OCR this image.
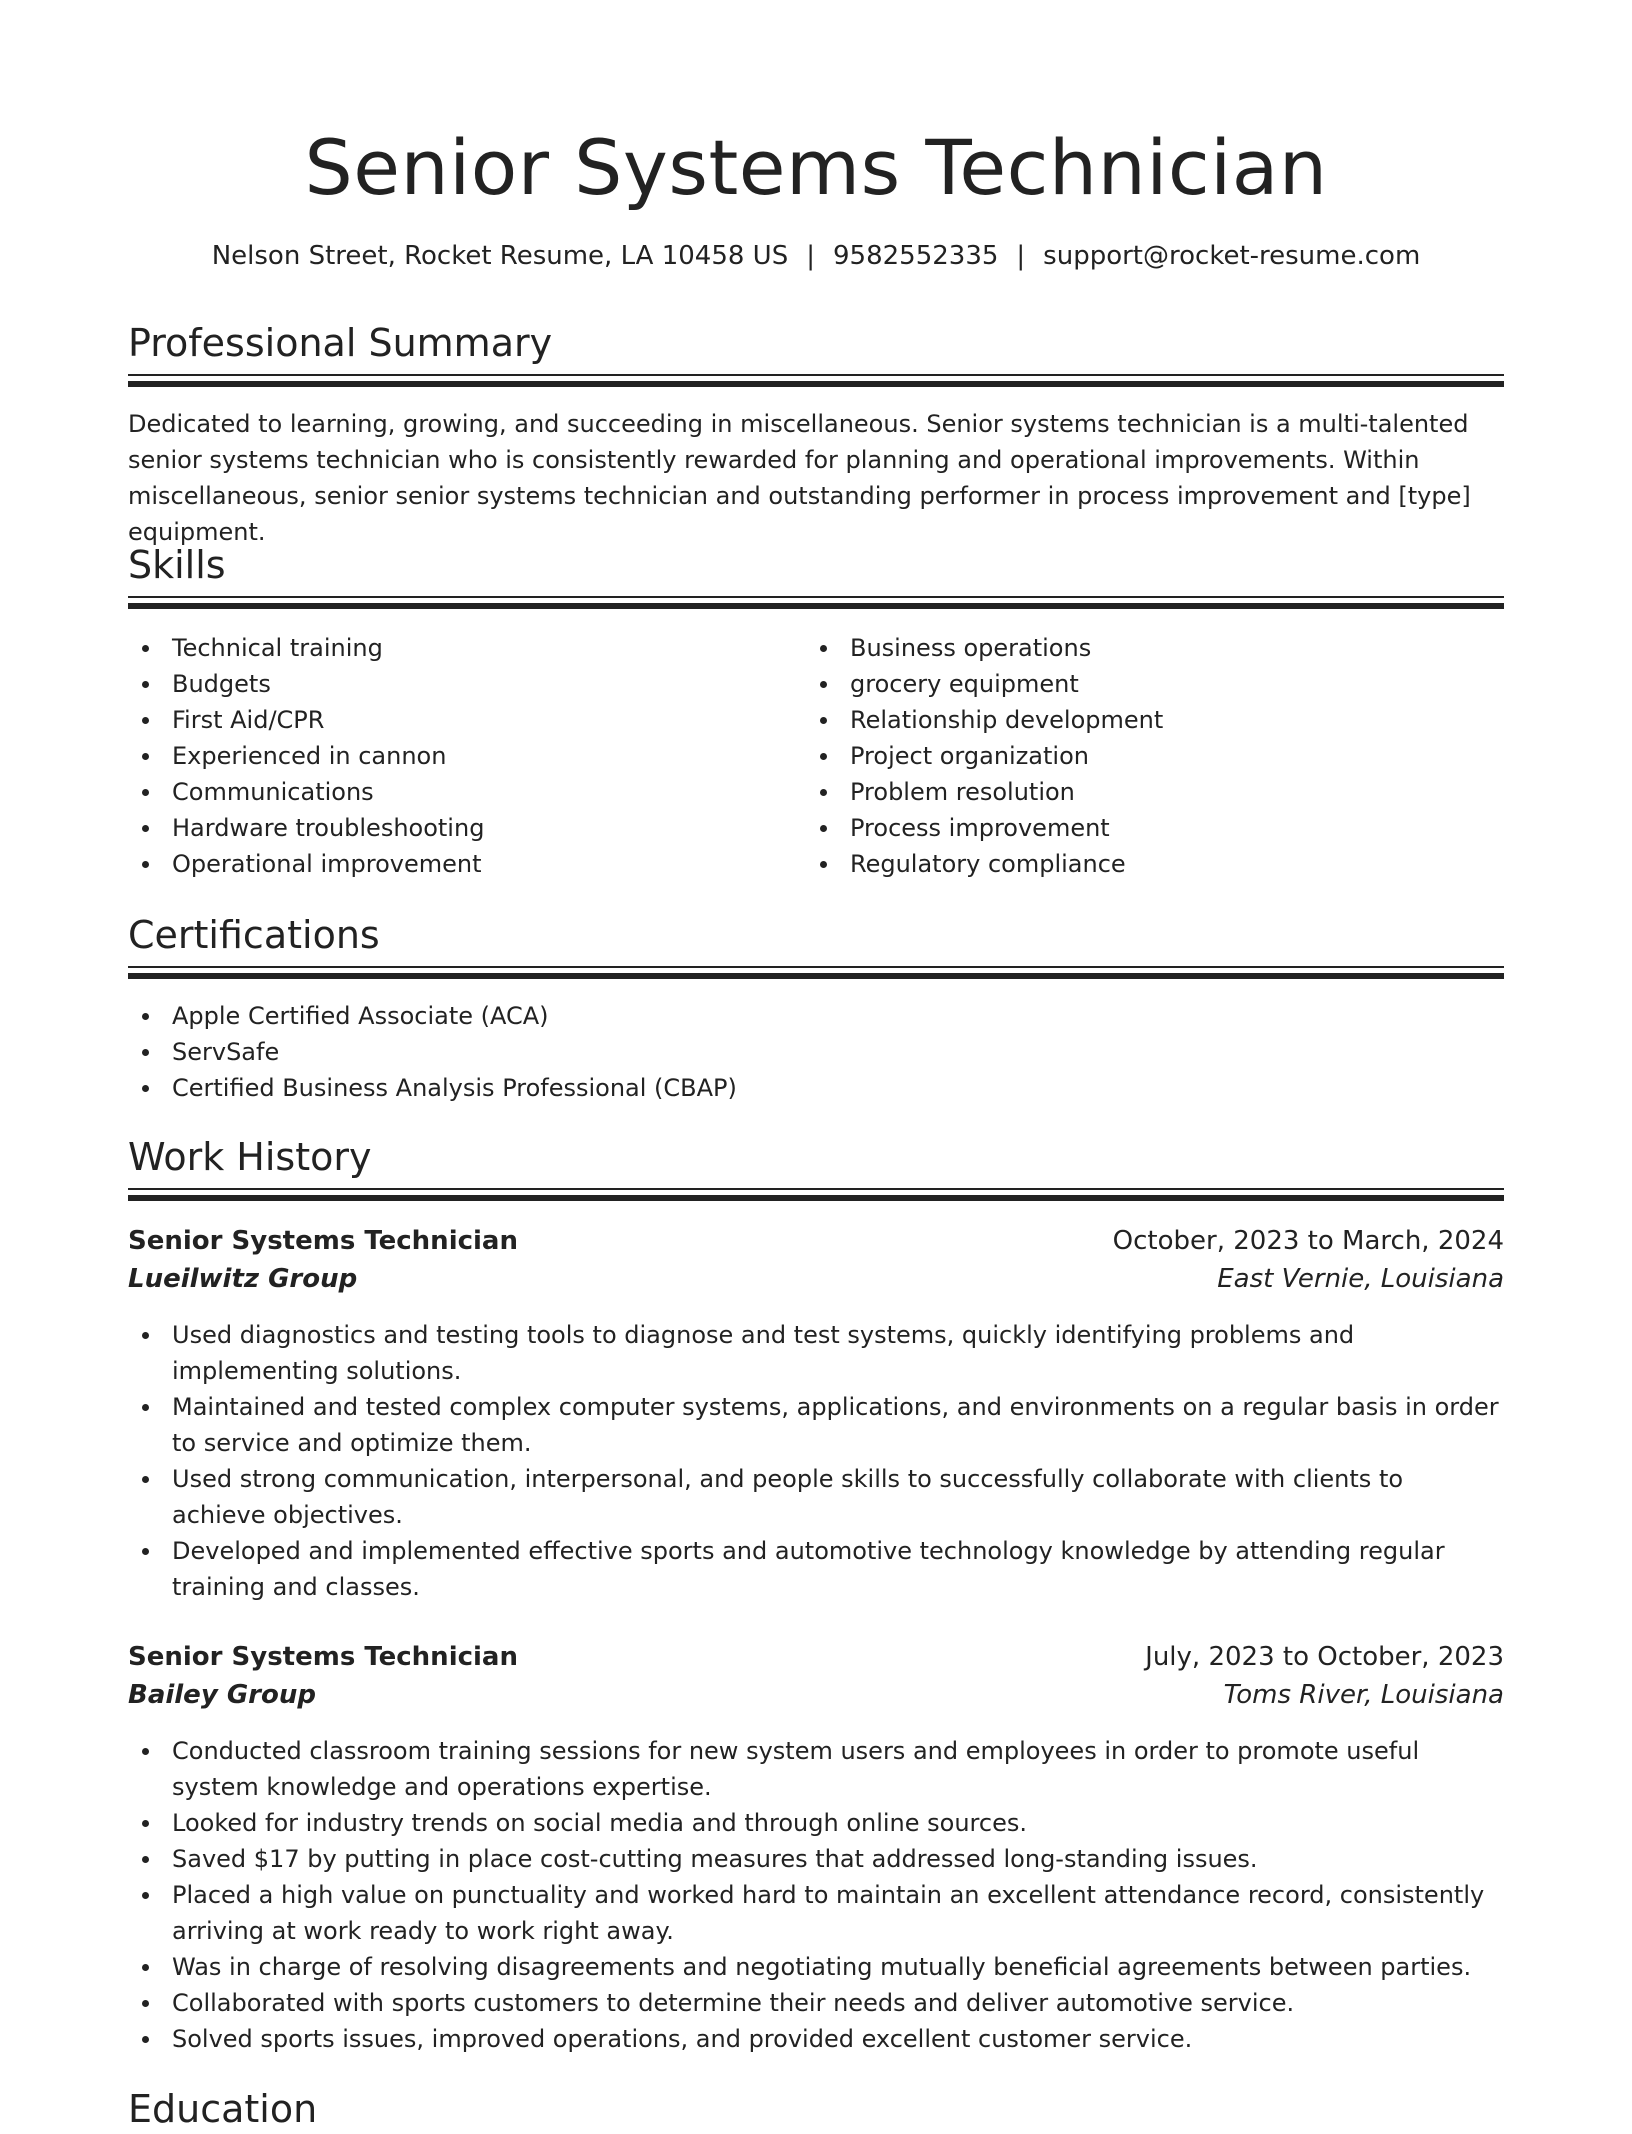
Senior Systems Technician
Nelson Street, Rocket Resume, LA 10458 US | 9582552335 | support@rocket-resume.com
Professional Summary

Dedicated to learning, growing, and succeeding in miscellaneous. Senior systems technician is a multi-talented senior systems technician who is consistently rewarded for planning and operational improvements. Within miscellaneous, senior senior systems technician and outstanding performer in process improvement and [type] equipment.

Skills
Technical training
Budgets
First Aid/CPR
Experienced in cannon
Communications
Hardware troubleshooting
Operational improvement
Business operations
grocery equipment
Relationship development
Project organization
Problem resolution
Process improvement
Regulatory compliance
Certifications
Apple Certified Associate (ACA)
ServSafe
Certified Business Analysis Professional (CBAP)
Work History
Senior Systems Technician	October, 2023 to March, 2024
Lueilwitz Group	East Vernie, Louisiana
Used diagnostics and testing tools to diagnose and test systems, quickly identifying problems and implementing solutions.
Maintained and tested complex computer systems, applications, and environments on a regular basis in order to service and optimize them.
Used strong communication, interpersonal, and people skills to successfully collaborate with clients to achieve objectives.
Developed and implemented effective sports and automotive technology knowledge by attending regular training and classes.
Senior Systems Technician	July, 2023 to October, 2023
Bailey Group	Toms River, Louisiana
Conducted classroom training sessions for new system users and employees in order to promote useful system knowledge and operations expertise.
Looked for industry trends on social media and through online sources.
Saved $17 by putting in place cost-cutting measures that addressed long-standing issues.
Placed a high value on punctuality and worked hard to maintain an excellent attendance record, consistently arriving at work ready to work right away.
Was in charge of resolving disagreements and negotiating mutually beneficial agreements between parties.
Collaborated with sports customers to determine their needs and deliver automotive service.
Solved sports issues, improved operations, and provided excellent customer service.
Education
